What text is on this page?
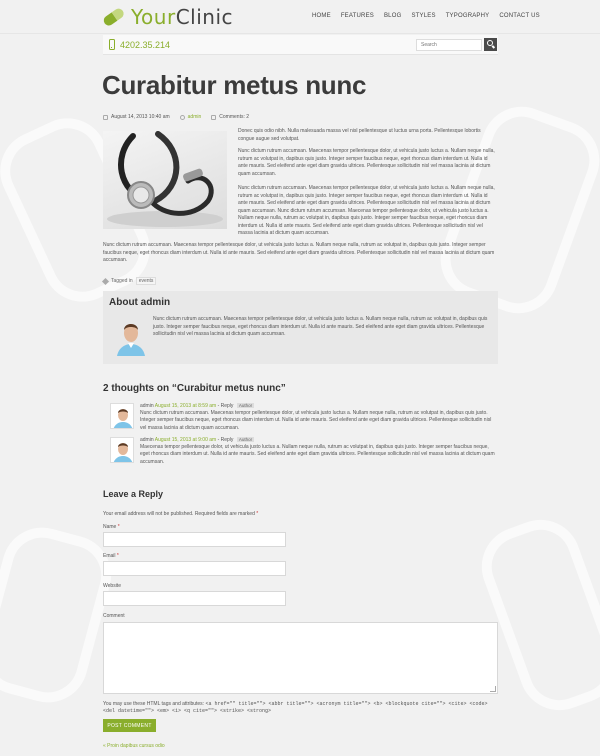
YourClinic	HOME FEATURES BLOG STYLES TYPOGRAPHY CONTACT US
4202.35.214
Search
Curabitur metus nunc
August 14, 2013 10:40 am	admin	Comments: 2

Donec quis odio nibh. Nulla malesuada massa vel nisl pellentesque ut luctus urna porta. Pellentesque lobortis congue augue sed volutpat.

Nunc dictum rutrum accumsan. Maecenas tempor pellentesque dolor, ut vehicula justo luctus a. Nullam neque nulla, rutrum ac volutpat in, dapibus quis justo. Integer semper faucibus neque, eget rhoncus diam interdum ut. Nulla id ante mauris. Sed eleifend ante eget diam gravida ultrices. Pellentesque sollicitudin nisl vel massa lacinia at dictum quam accumsan.

Nunc dictum rutrum accumsan. Maecenas tempor pellentesque dolor, ut vehicula justo luctus a. Nullam neque nulla, rutrum ac volutpat in, dapibus quis justo. Integer semper faucibus neque, eget rhoncus diam interdum ut. Nulla id ante mauris. Sed eleifend ante eget diam gravida ultrices. Pellentesque sollicitudin nisl vel massa lacinia at dictum quam accumsan. Nunc dictum rutrum accumsan. Maecenas tempor pellentesque dolor, ut vehicula justo luctus a. Nullam neque nulla, rutrum ac volutpat in, dapibus quis justo. Integer semper faucibus neque, eget rhoncus diam interdum ut. Nulla id ante mauris. Sed eleifend ante eget diam gravida ultrices. Pellentesque sollicitudin nisl vel massa lacinia at dictum quam accumsan.

Nunc dictum rutrum accumsan. Maecenas tempor pellentesque dolor, ut vehicula justo luctus a. Nullam neque nulla, rutrum ac volutpat in, dapibus quis justo. Integer semper faucibus neque, eget rhoncus diam interdum ut. Nulla id ante mauris. Sed eleifend ante eget diam gravida ultrices. Pellentesque sollicitudin nisl vel massa lacinia at dictum quam accumsan.

Tagged in	events
About admin

Nunc dictum rutrum accumsan. Maecenas tempor pellentesque dolor, ut vehicula justo luctus a. Nullam neque nulla, rutrum ac volutpat in, dapibus quis justo. Integer semper faucibus neque, eget rhoncus diam interdum ut. Nulla id ante mauris. Sed eleifend ante eget diam gravida ultrices. Pellentesque sollicitudin nisl vel massa lacinia at dictum quam accumsan.

2 thoughts on “Curabitur metus nunc”
admin August 15, 2013 at 8:59 am - Reply Author

Nunc dictum rutrum accumsan. Maecenas tempor pellentesque dolor, ut vehicula justo luctus a. Nullam neque nulla, rutrum ac volutpat in, dapibus quis justo. Integer semper faucibus neque, eget rhoncus diam interdum ut. Nulla id ante mauris. Sed eleifend ante eget diam gravida ultrices. Pellentesque sollicitudin nisl vel massa lacinia at dictum quam accumsan.

admin August 15, 2013 at 9:00 am - Reply Author

Maecenas tempor pellentesque dolor, ut vehicula justo luctus a. Nullam neque nulla, rutrum ac volutpat in, dapibus quis justo. Integer semper faucibus neque, eget rhoncus diam interdum ut. Nulla id ante mauris. Sed eleifend ante eget diam gravida ultrices. Pellentesque sollicitudin nisl vel massa lacinia at dictum quam accumsan.

Leave a Reply

Your email address will not be published. Required fields are marked *

Name *
Email *
Website
Comment

You may use these HTML tags and attributes: <a href="" title=""> <abbr title=""> <acronym title=""> <b> <blockquote cite=""> <cite> <code> <del datetime=""> <em> <i> <q cite=""> <strike> <strong>

POST COMMENT
« Proin dapibus cursus odio
